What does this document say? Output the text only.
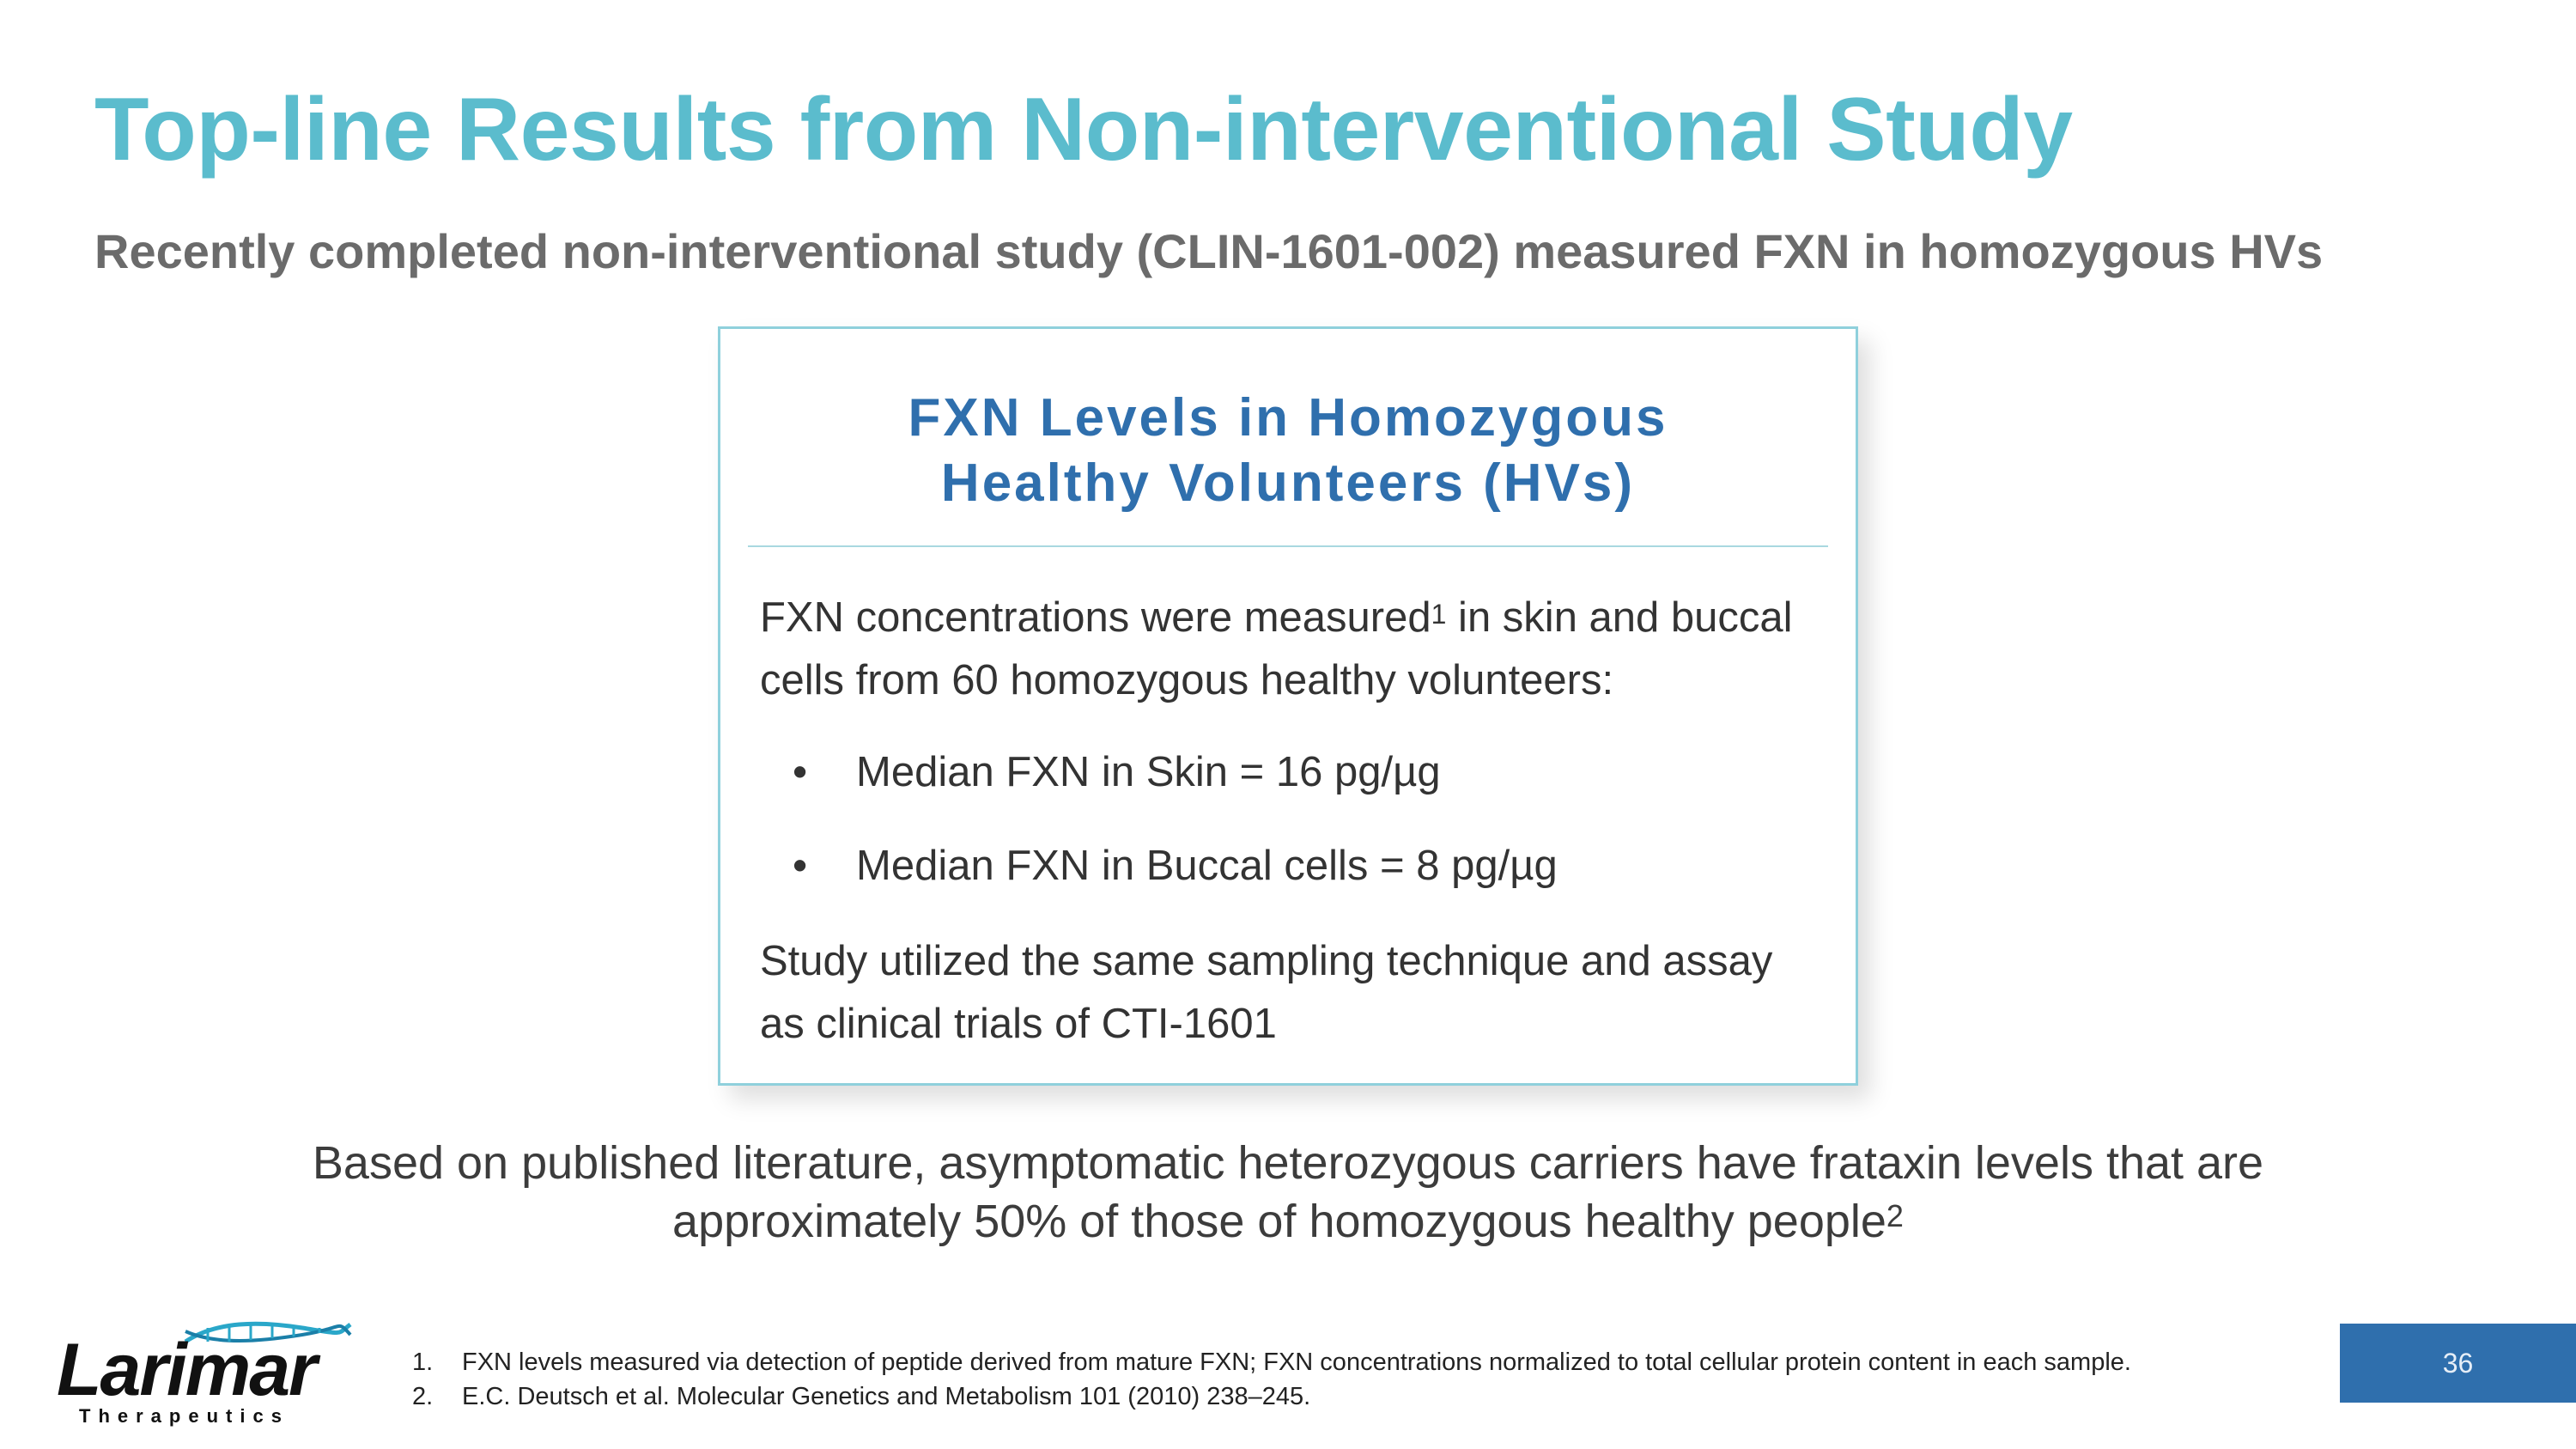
Top-line Results from Non-interventional Study
Recently completed non-interventional study (CLIN-1601-002) measured FXN in homozygous HVs
FXN Levels in Homozygous
Healthy Volunteers (HVs)
FXN concentrations were measured$^1$ in skin and buccal
cells from 60 homozygous healthy volunteers:
• Median FXN in Skin = 16 pg/µg
• Median FXN in Buccal cells = 8 pg/µg
Study utilized the same sampling technique and assay
as clinical trials of CTI-1601
Based on published literature, asymptomatic heterozygous carriers have frataxin levels that are
approximately 50% of those of homozygous healthy people$^2$
Larimar
Therapeutics
1. FXN levels measured via detection of peptide derived from mature FXN; FXN concentrations normalized to total cellular protein content in each sample.
2. E.C. Deutsch et al. Molecular Genetics and Metabolism 101 (2010) 238–245.
36
